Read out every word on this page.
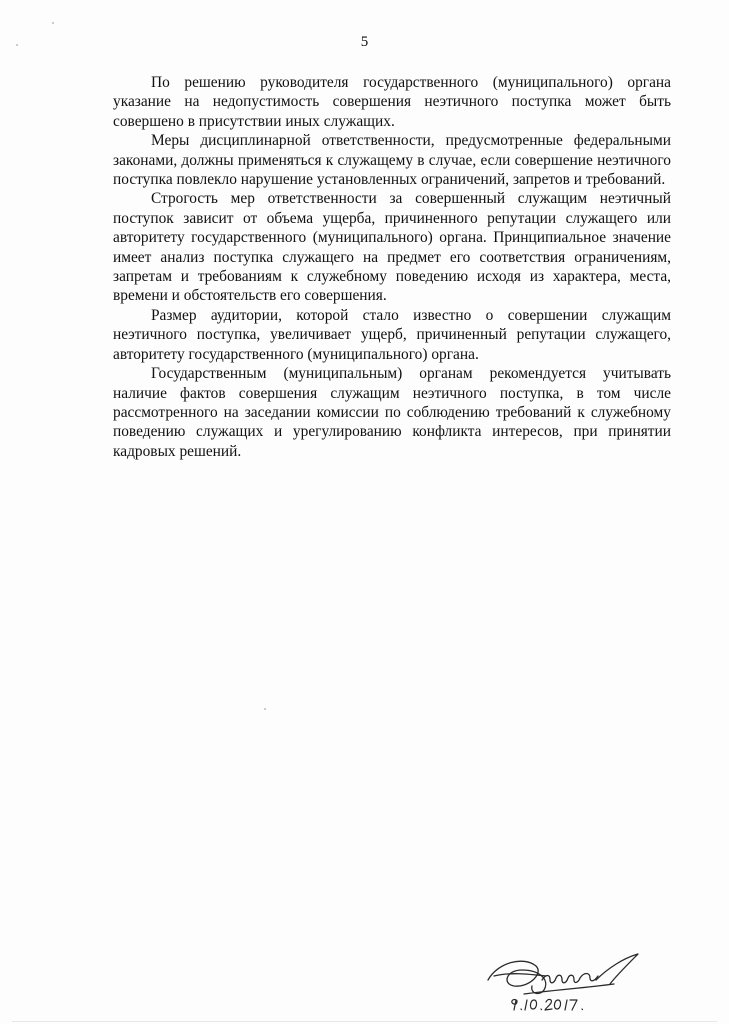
5

По решению руководителя государственного (муниципального) органа указание на недопустимость совершения неэтичного поступка может быть совершено в присутствии иных служащих.

Меры дисциплинарной ответственности, предусмотренные федеральными законами, должны применяться к служащему в случае, если совершение неэтичного поступка повлекло нарушение установленных ограничений, запретов и требований.

Строгость мер ответственности за совершенный служащим неэтичный поступок зависит от объема ущерба, причиненного репутации служащего или авторитету государственного (муниципального) органа. Принципиальное значение имеет анализ поступка служащего на предмет его соответствия ограничениям, запретам и требованиям к служебному поведению исходя из характера, места, времени и обстоятельств его совершения.

Размер аудитории, которой стало известно о совершении служащим неэтичного поступка, увеличивает ущерб, причиненный репутации служащего, авторитету государственного (муниципального) органа.

Государственным (муниципальным) органам рекомендуется учитывать наличие фактов совершения служащим неэтичного поступка, в том числе рассмотренного на заседании комиссии по соблюдению требований к служебному поведению служащих и урегулированию конфликта интересов, при принятии кадровых решений.
